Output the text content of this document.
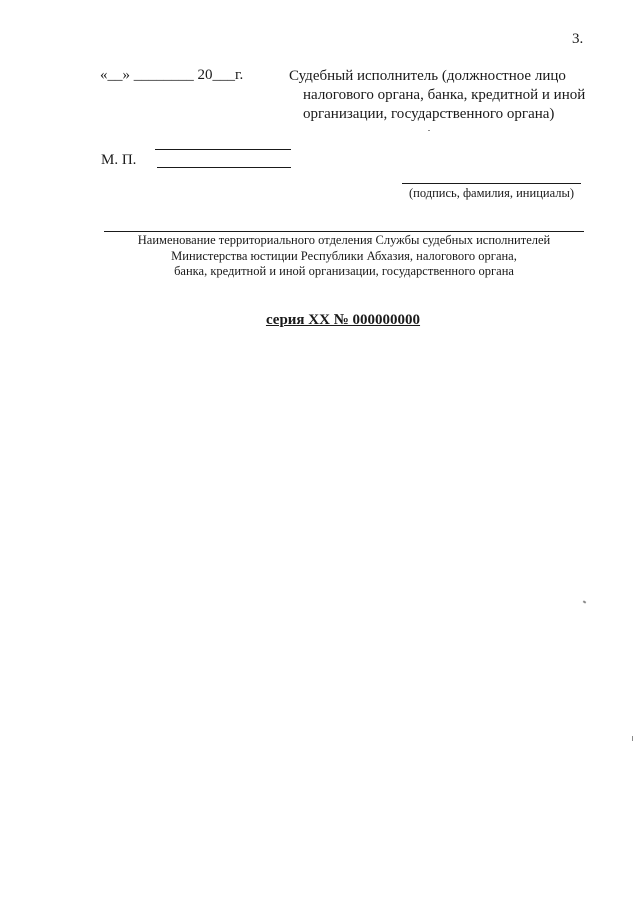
3.
«__» ________ 20___г.	Судебный исполнитель (должностное лицо
налогового органа, банка, кредитной и иной
организации, государственного органа)
М. П.
(подпись, фамилия, инициалы)
Наименование территориального отделения Службы судебных исполнителей
Министерства юстиции Республики Абхазия, налогового органа,
банка, кредитной и иной организации, государственного органа
серия ХХ № 000000000
